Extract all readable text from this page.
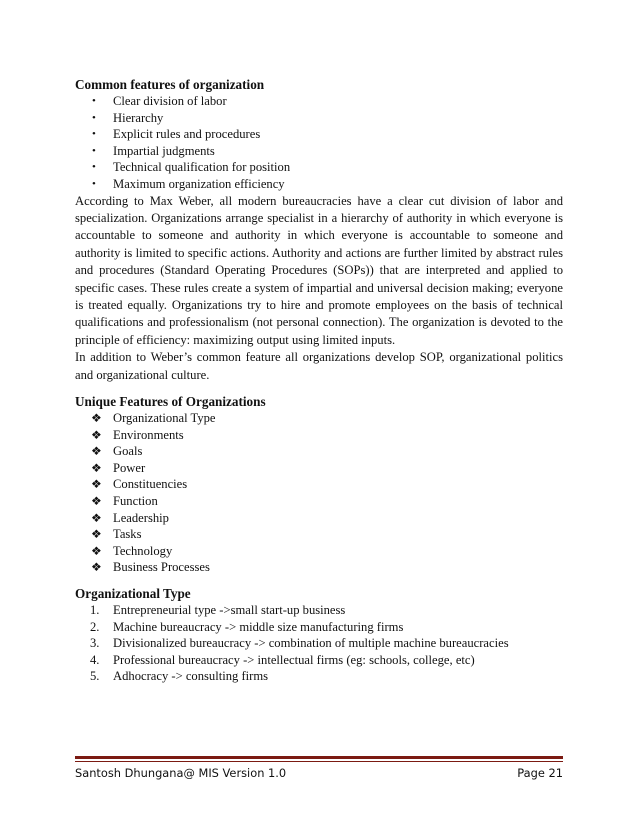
Common features of organization
• Clear division of labor
• Hierarchy
• Explicit rules and procedures
• Impartial judgments
• Technical qualification for position
• Maximum organization efficiency

According to Max Weber, all modern bureaucracies have a clear cut division of labor and specialization. Organizations arrange specialist in a hierarchy of authority in which everyone is accountable to someone and authority in which everyone is accountable to someone and authority is limited to specific actions. Authority and actions are further limited by abstract rules and procedures (Standard Operating Procedures (SOPs)) that are interpreted and applied to specific cases. These rules create a system of impartial and universal decision making; everyone is treated equally. Organizations try to hire and promote employees on the basis of technical qualifications and professionalism (not personal connection). The organization is devoted to the principle of efficiency: maximizing output using limited inputs.

In addition to Weber’s common feature all organizations develop SOP, organizational politics and organizational culture.

Unique Features of Organizations
❖ Organizational Type
❖ Environments
❖ Goals
❖ Power
❖ Constituencies
❖ Function
❖ Leadership
❖ Tasks
❖ Technology
❖ Business Processes
Organizational Type
1. Entrepreneurial type ->small start-up business
2. Machine bureaucracy -> middle size manufacturing firms
3. Divisionalized bureaucracy -> combination of multiple machine bureaucracies
4. Professional bureaucracy -> intellectual firms (eg: schools, college, etc)
5. Adhocracy -> consulting firms
Santosh Dhungana@ MIS Version 1.0	Page 21
